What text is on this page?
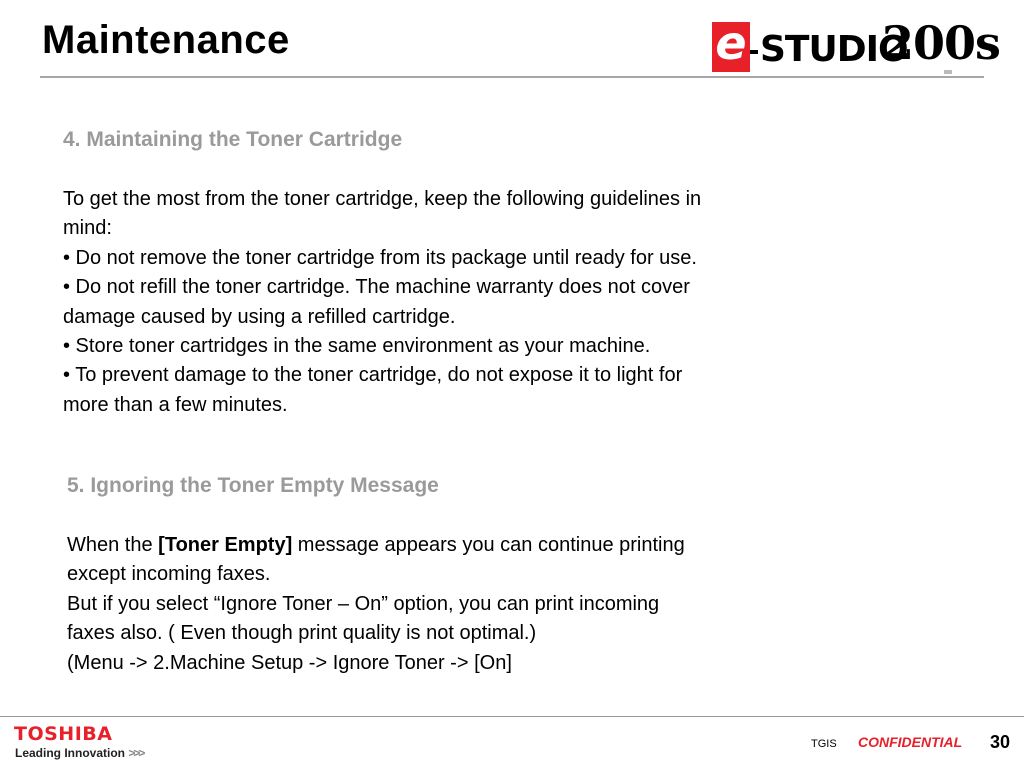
Maintenance	e STUDIO
200s
4. Maintaining the Toner Cartridge

To get the most from the toner cartridge, keep the following guidelines in

mind:

• Do not remove the toner cartridge from its package until ready for use.

• Do not refill the toner cartridge. The machine warranty does not cover

damage caused by using a refilled cartridge.

• Store toner cartridges in the same environment as your machine.

• To prevent damage to the toner cartridge, do not expose it to light for

more than a few minutes.

5. Ignoring the Toner Empty Message

When the [Toner Empty] message appears you can continue printing

except incoming faxes.

But if you select “Ignore Toner – On” option, you can print incoming

faxes also. ( Even though print quality is not optimal.)

(Menu -> 2.Machine Setup -> Ignore Toner -> [On]

TOSHIBA
Leading Innovation >>>
TGIS CONFIDENTIAL 30
